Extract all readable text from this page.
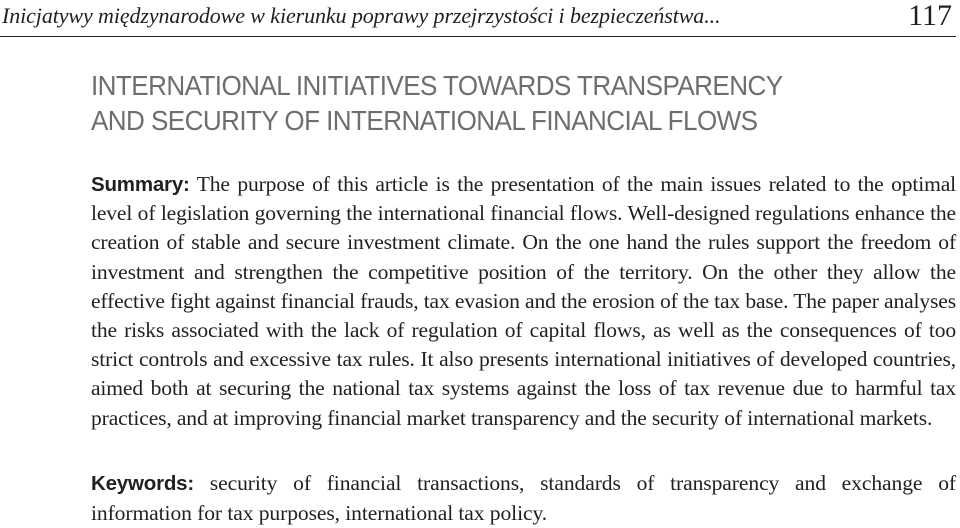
Inicjatywy międzynarodowe w kierunku poprawy przejrzystości i bezpieczeństwa...	117
INTERNATIONAL INITIATIVES TOWARDS TRANSPARENCY
AND SECURITY OF INTERNATIONAL FINANCIAL FLOWS

Summary: The purpose of this article is the presentation of the main issues related to the optimal level of legislation governing the international financial flows. Well-designed regulations enhance the creation of stable and secure investment climate. On the one hand the rules support the freedom of investment and strengthen the competitive position of the territory. On the other they allow the effective fight against financial frauds, tax evasion and the erosion of the tax base. The paper analyses the risks associated with the lack of regulation of capital flows, as well as the consequences of too strict controls and excessive tax rules. It also presents international initiatives of developed countries, aimed both at securing the national tax systems against the loss of tax revenue due to harmful tax practices, and at improving financial market transparency and the security of international markets.

Keywords: security of financial transactions, standards of transparency and exchange of information for tax purposes, international tax policy.
